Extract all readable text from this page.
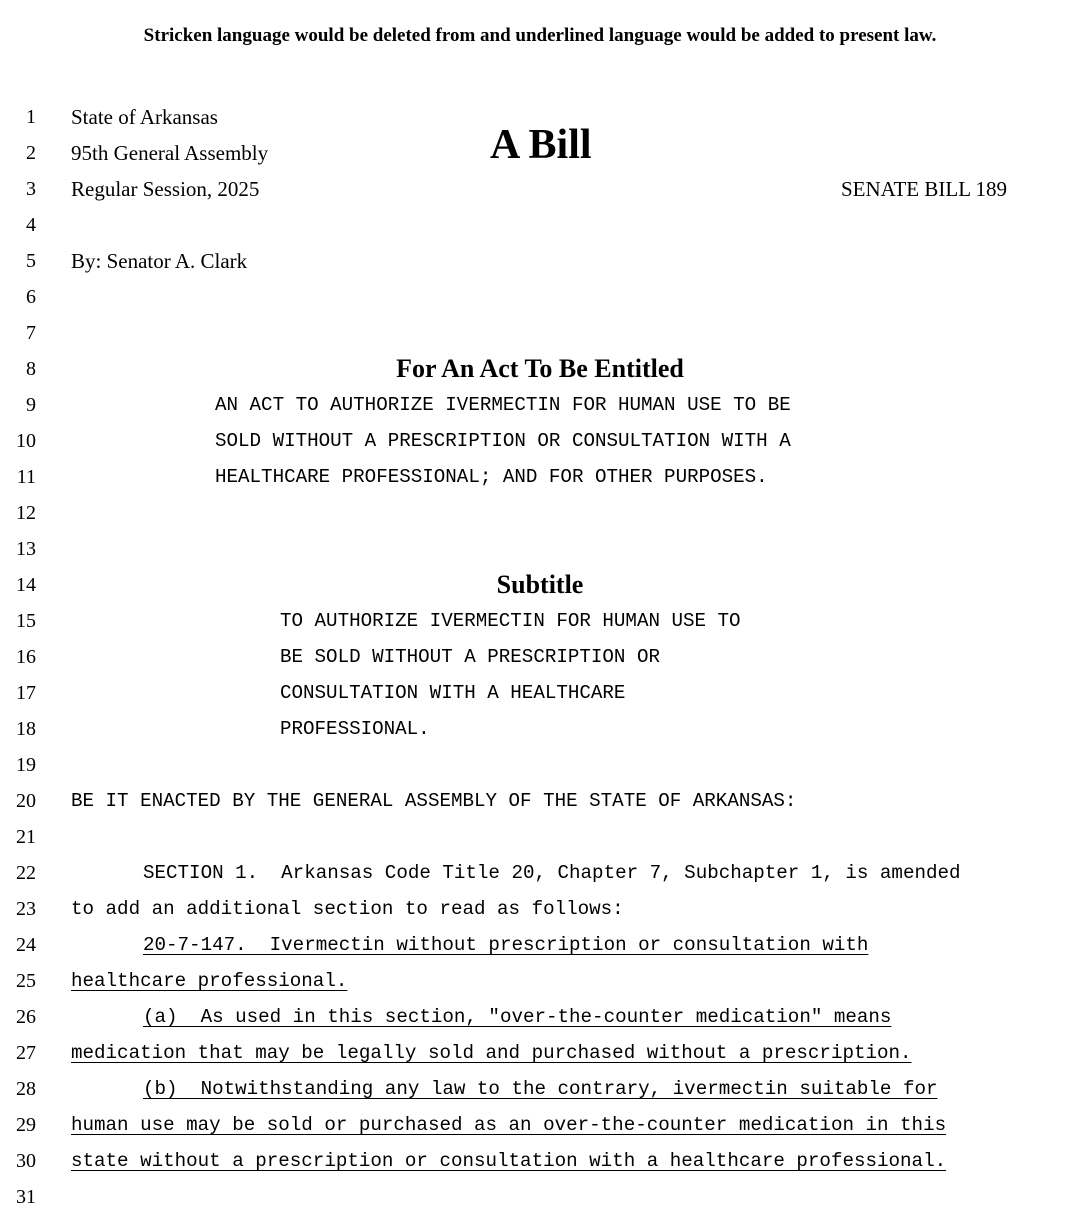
Stricken language would be deleted from and underlined language would be added to present law.
1
2
3
4
5
6
7
8
9
10
11
12
13
14
15
16
17
18
19
20
21
22
23
24
25
26
27
28
29
30
31
State of Arkansas
95th General Assembly
Regular Session, 2025
A Bill
SENATE BILL 189
By: Senator A. Clark
For An Act To Be Entitled
AN ACT TO AUTHORIZE IVERMECTIN FOR HUMAN USE TO BE
SOLD WITHOUT A PRESCRIPTION OR CONSULTATION WITH A
HEALTHCARE PROFESSIONAL; AND FOR OTHER PURPOSES.
Subtitle
TO AUTHORIZE IVERMECTIN FOR HUMAN USE TO
BE SOLD WITHOUT A PRESCRIPTION OR
CONSULTATION WITH A HEALTHCARE
PROFESSIONAL.
BE IT ENACTED BY THE GENERAL ASSEMBLY OF THE STATE OF ARKANSAS:
SECTION 1.  Arkansas Code Title 20, Chapter 7, Subchapter 1, is amended
to add an additional section to read as follows:
20-7-147.  Ivermectin without prescription or consultation with
healthcare professional.
(a)  As used in this section, "over-the-counter medication" means
medication that may be legally sold and purchased without a prescription.
(b)  Notwithstanding any law to the contrary, ivermectin suitable for
human use may be sold or purchased as an over-the-counter medication in this
state without a prescription or consultation with a healthcare professional.
